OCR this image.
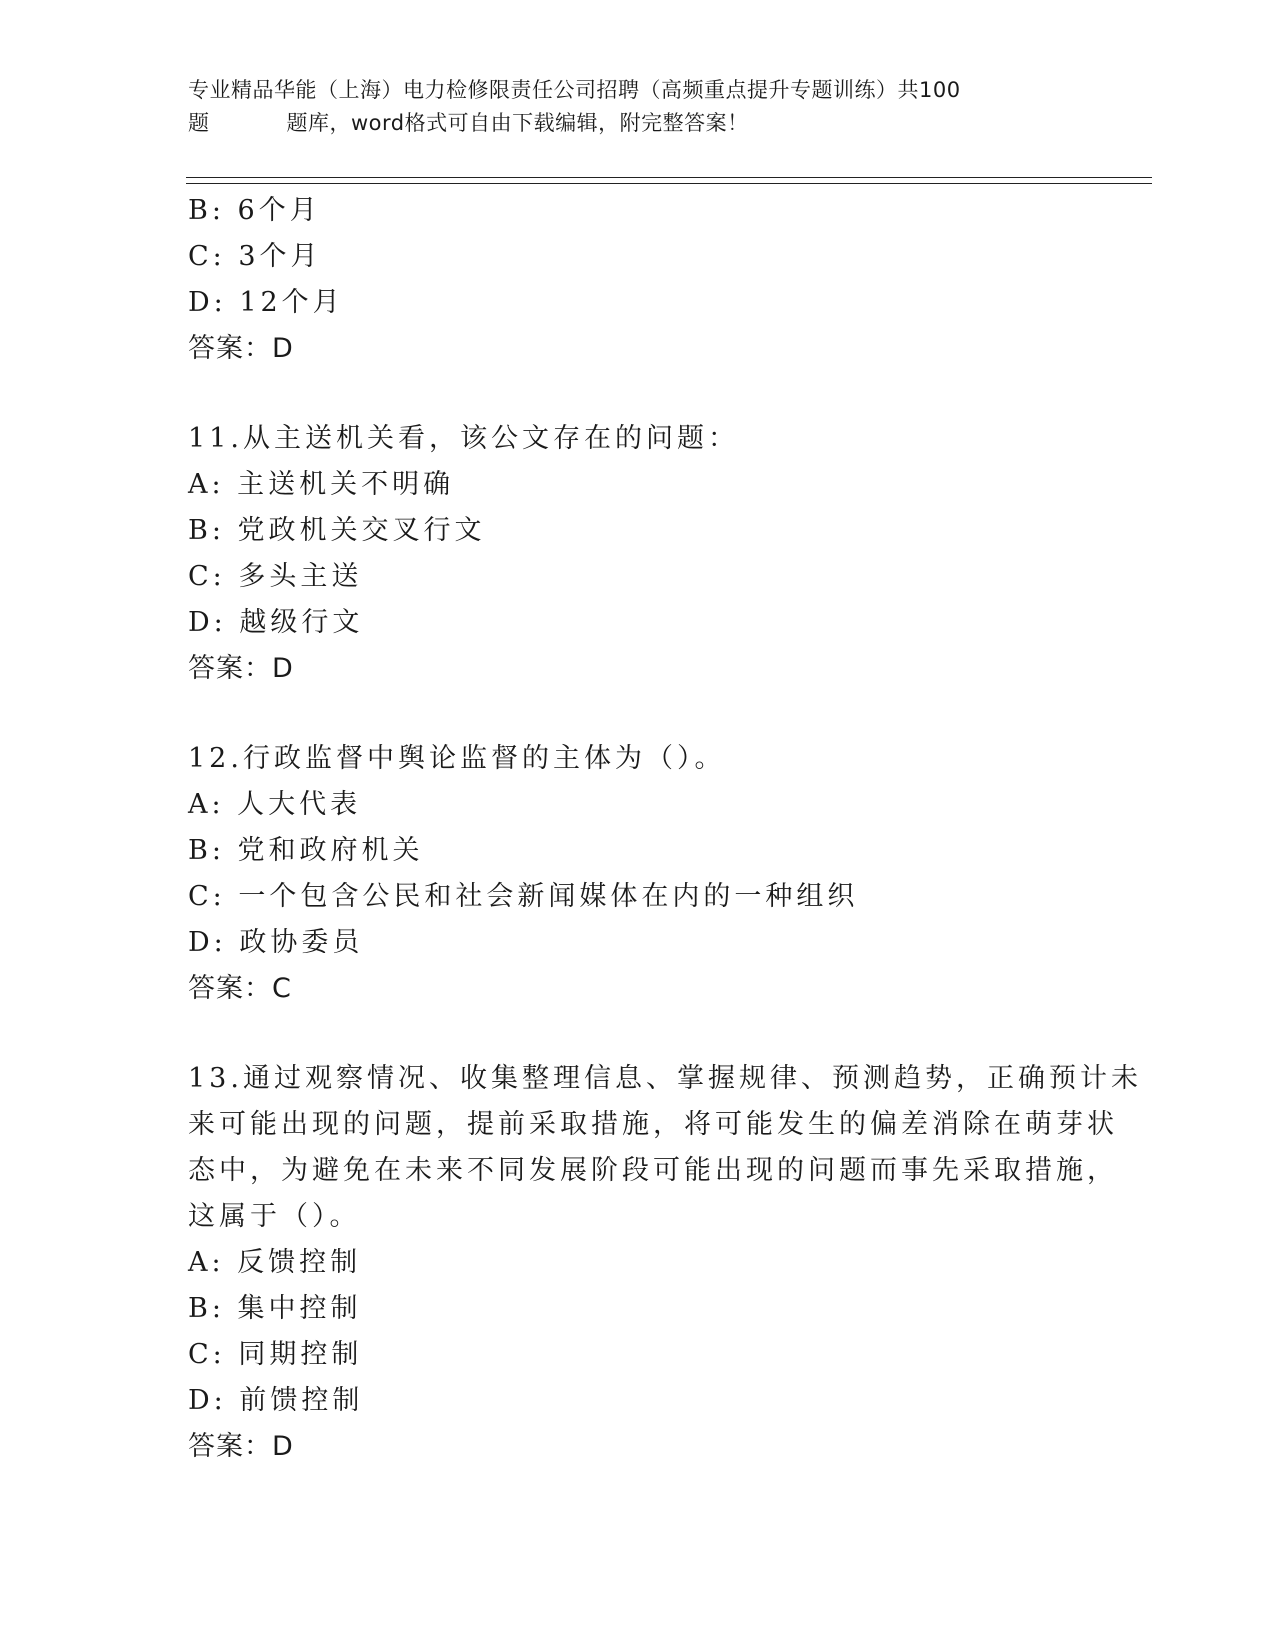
专业精品华能（上海）电力检修限责任公司招聘（高频重点提升专题训练）共100
题	题库，word格式可自由下载编辑，附完整答案！
B: 6个月
C: 3个月
D: 12个月
答案：D
11.从主送机关看，该公文存在的问题：
A: 主送机关不明确
B: 党政机关交叉行文
C: 多头主送
D: 越级行文
答案：D
12.行政监督中舆论监督的主体为（）。
A: 人大代表
B: 党和政府机关
C: 一个包含公民和社会新闻媒体在内的一种组织
D: 政协委员
答案：C
13.通过观察情况、收集整理信息、掌握规律、预测趋势，正确预计未
来可能出现的问题，提前采取措施，将可能发生的偏差消除在萌芽状
态中，为避免在未来不同发展阶段可能出现的问题而事先采取措施，
这属于（）。
A: 反馈控制
B: 集中控制
C: 同期控制
D: 前馈控制
答案：D
